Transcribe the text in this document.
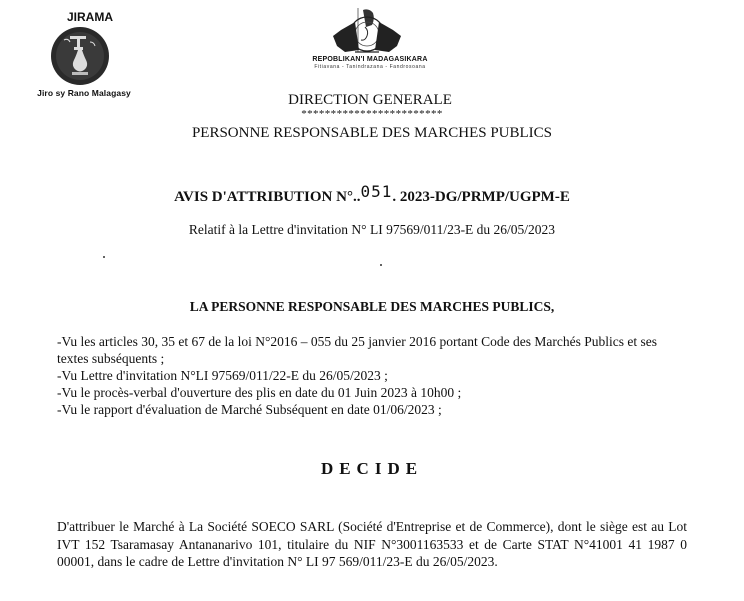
JIRAMA
Jiro sy Rano Malagasy
REPOBLIKAN'I MADAGASIKARA
Fitiavana - Tanindrazana - Fandrosoana
DIRECTION GENERALE
************************
PERSONNE RESPONSABLE DES MARCHES PUBLICS
AVIS D'ATTRIBUTION N°..051. 2023-DG/PRMP/UGPM-E
Relatif à la Lettre d'invitation N° LI 97569/011/23-E du 26/05/2023
LA PERSONNE RESPONSABLE DES MARCHES PUBLICS,
-Vu les articles 30, 35 et 67 de la loi N°2016 – 055 du 25 janvier 2016 portant Code des Marchés Publics et ses textes subséquents ;
-Vu Lettre d'invitation N°LI 97569/011/22-E du 26/05/2023 ;
-Vu le procès-verbal d'ouverture des plis en date du 01 Juin 2023 à 10h00 ;
-Vu le rapport d'évaluation de Marché Subséquent en date 01/06/2023 ;
DECIDE

D'attribuer le Marché à La Société SOECO SARL (Société d'Entreprise et de Commerce), dont le siège est au Lot IVT 152 Tsaramasay Antananarivo 101, titulaire du NIF N°3001163533 et de Carte STAT N°41001 41 1987 0 00001, dans le cadre de Lettre d'invitation N° LI 97 569/011/23-E du 26/05/2023.
